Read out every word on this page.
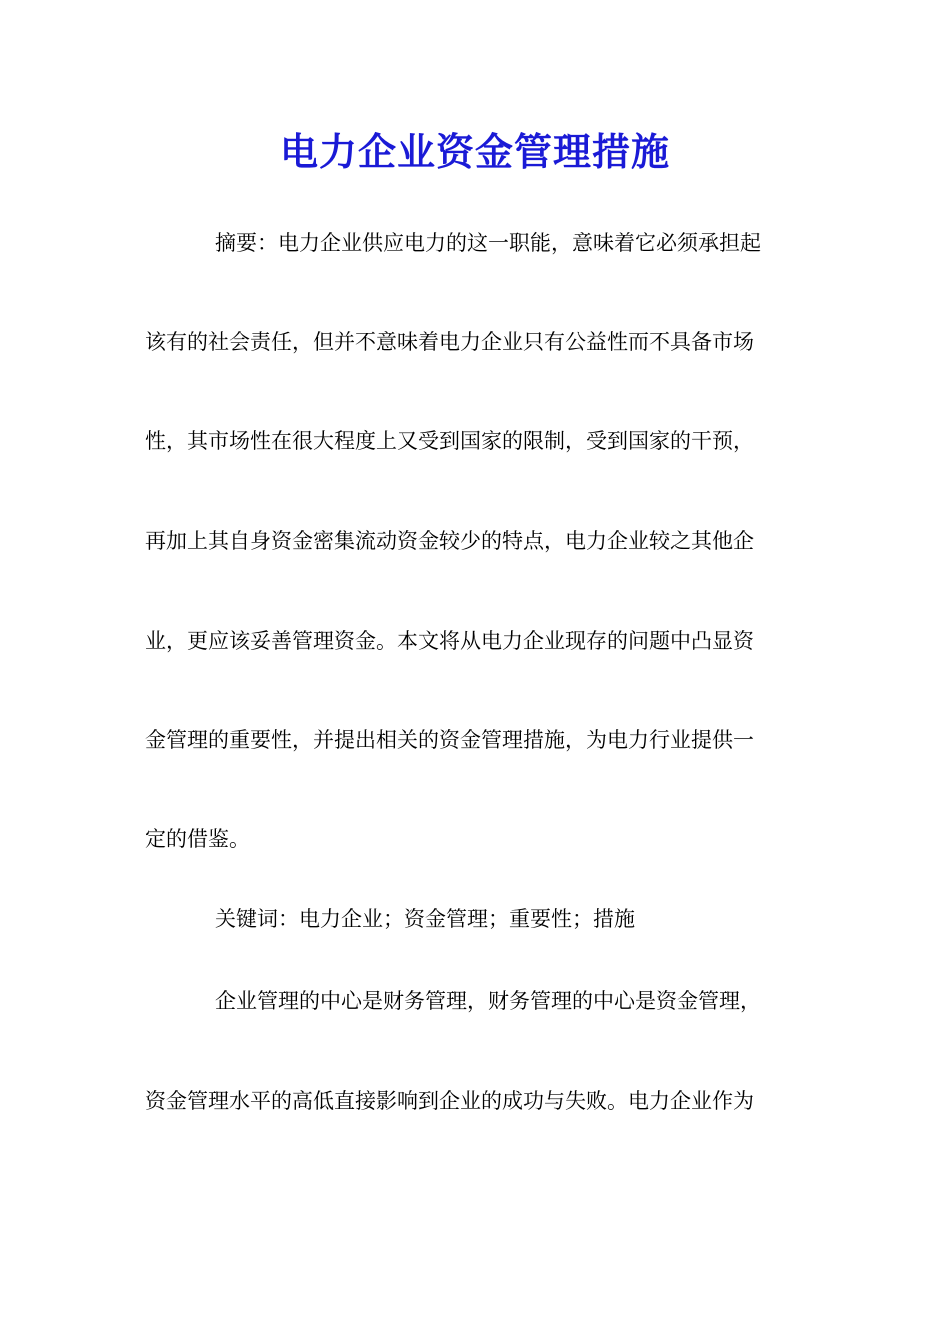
电力企业资金管理措施
摘要：电力企业供应电力的这一职能，意味着它必须承担起
该有的社会责任，但并不意味着电力企业只有公益性而不具备市场
性，其市场性在很大程度上又受到国家的限制，受到国家的干预，
再加上其自身资金密集流动资金较少的特点，电力企业较之其他企
业，更应该妥善管理资金。本文将从电力企业现存的问题中凸显资
金管理的重要性，并提出相关的资金管理措施，为电力行业提供一
定的借鉴。
关键词：电力企业；资金管理；重要性；措施
企业管理的中心是财务管理，财务管理的中心是资金管理，
资金管理水平的高低直接影响到企业的成功与失败。电力企业作为
